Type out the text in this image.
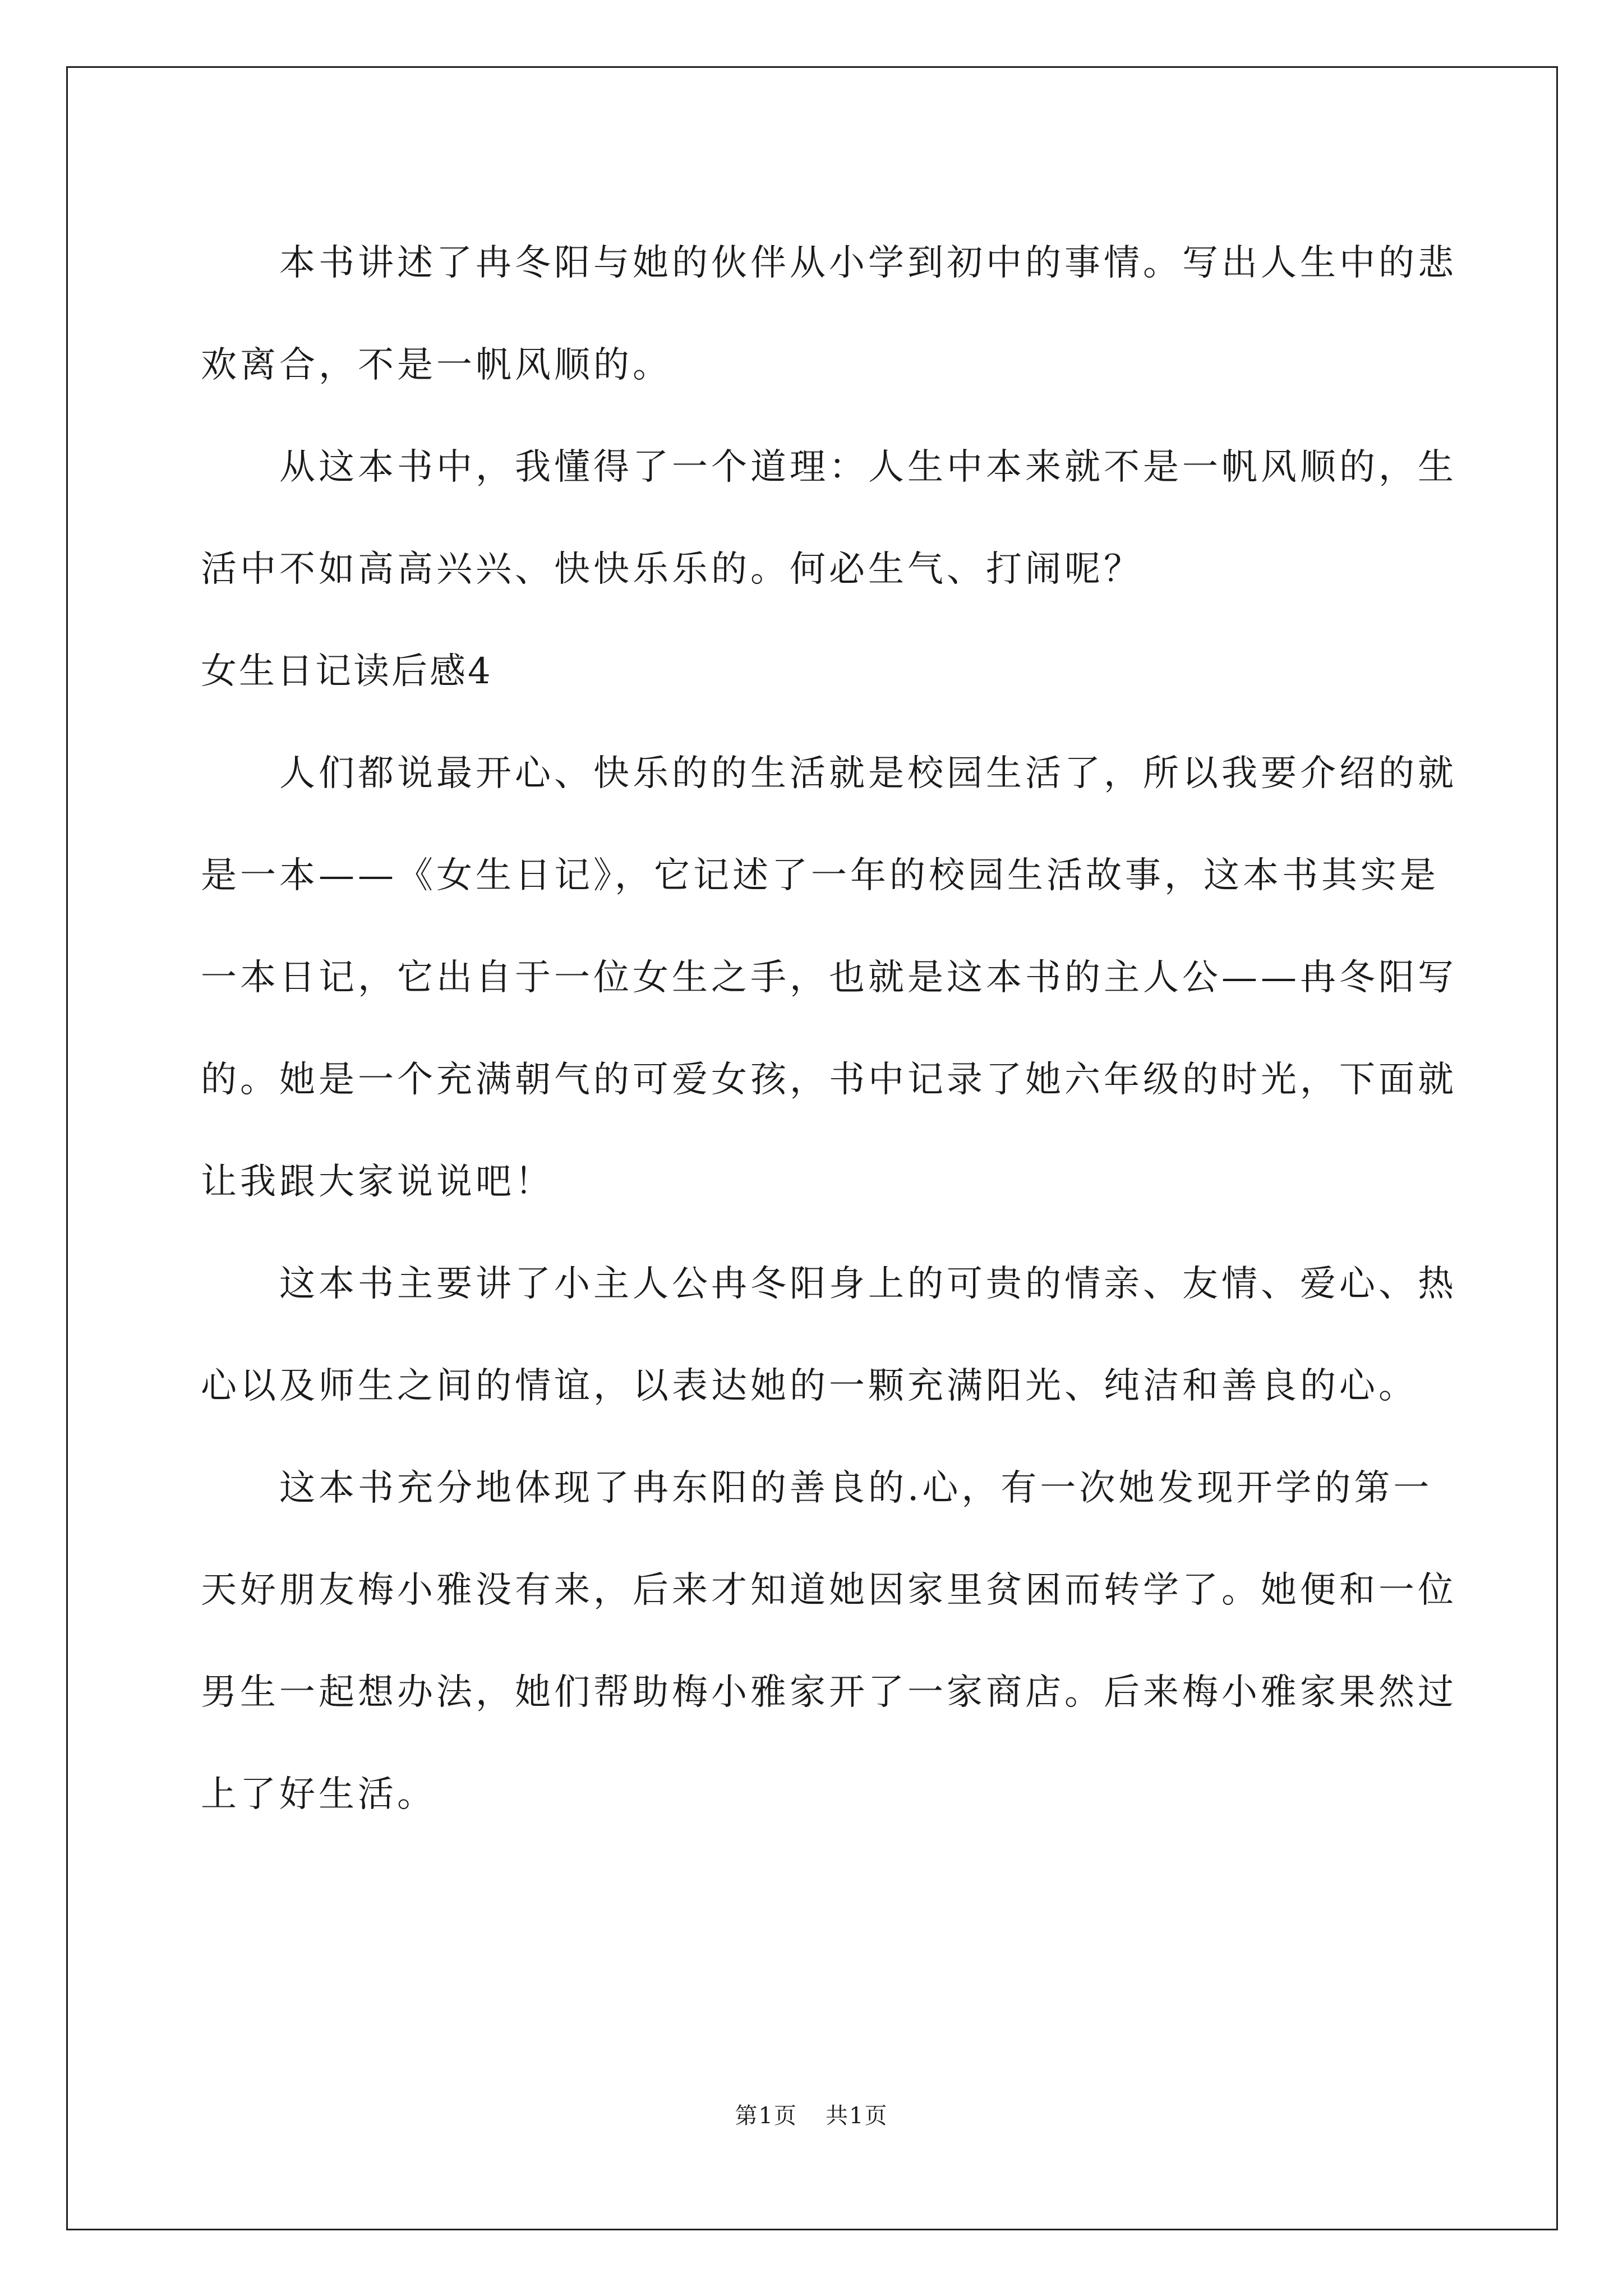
本书讲述了冉冬阳与她的伙伴从小学到初中的事情。写出人生中的悲欢离合，不是一帆风顺的。

从这本书中，我懂得了一个道理：人生中本来就不是一帆风顺的，生活中不如高高兴兴、快快乐乐的。何必生气、打闹呢？

女生日记读后感4

人们都说最开心、快乐的的生活就是校园生活了，所以我要介绍的就是一本——《女生日记》，它记述了一年的校园生活故事，这本书其实是一本日记，它出自于一位女生之手，也就是这本书的主人公——冉冬阳写的。她是一个充满朝气的可爱女孩，书中记录了她六年级的时光，下面就让我跟大家说说吧！

这本书主要讲了小主人公冉冬阳身上的可贵的情亲、友情、爱心、热心以及师生之间的情谊，以表达她的一颗充满阳光、纯洁和善良的心。

这本书充分地体现了冉东阳的善良的.心，有一次她发现开学的第一天好朋友梅小雅没有来，后来才知道她因家里贫困而转学了。她便和一位男生一起想办法，她们帮助梅小雅家开了一家商店。后来梅小雅家果然过上了好生活。

第1页 共1页
